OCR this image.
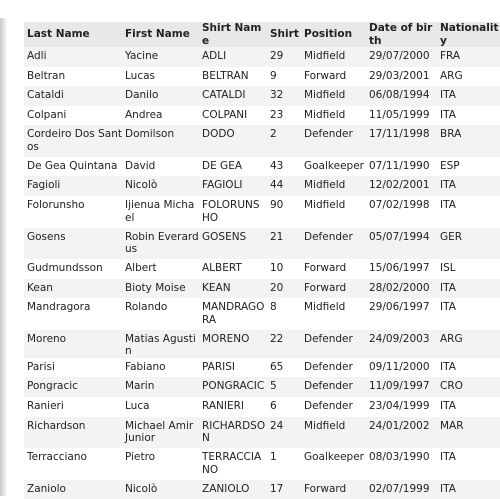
Last Name	First Name	Shirt Name	Shirt	Position	Date of birth	Nationality
Adli	Yacine	ADLI	29	Midfield	29/07/2000	FRA
Beltran	Lucas	BELTRAN	9	Forward	29/03/2001	ARG
Cataldi	Danilo	CATALDI	32	Midfield	06/08/1994	ITA
Colpani	Andrea	COLPANI	23	Midfield	11/05/1999	ITA
Cordeiro Dos Santos	Domilson	DODO	2	Defender	17/11/1998	BRA
De Gea Quintana	David	DE GEA	43	Goalkeeper	07/11/1990	ESP
Fagioli	Nicolò	FAGIOLI	44	Midfield	12/02/2001	ITA
Folorunsho	Ijienua Michael	FOLORUNSHO	90	Midfield	07/02/1998	ITA
Gosens	Robin Everardus	GOSENS	21	Defender	05/07/1994	GER
Gudmundsson	Albert	ALBERT	10	Forward	15/06/1997	ISL
Kean	Bioty Moise	KEAN	20	Forward	28/02/2000	ITA
Mandragora	Rolando	MANDRAGORA	8	Midfield	29/06/1997	ITA
Moreno	Matias Agustin	MORENO	22	Defender	24/09/2003	ARG
Parisi	Fabiano	PARISI	65	Defender	09/11/2000	ITA
Pongracic	Marin	PONGRACIC	5	Defender	11/09/1997	CRO
Ranieri	Luca	RANIERI	6	Defender	23/04/1999	ITA
Richardson	Michael Amir Junior	RICHARDSON	24	Midfield	24/01/2002	MAR
Terracciano	Pietro	TERRACCIANO	1	Goalkeeper	08/03/1990	ITA
Zaniolo	Nicolò	ZANIOLO	17	Forward	02/07/1999	ITA
